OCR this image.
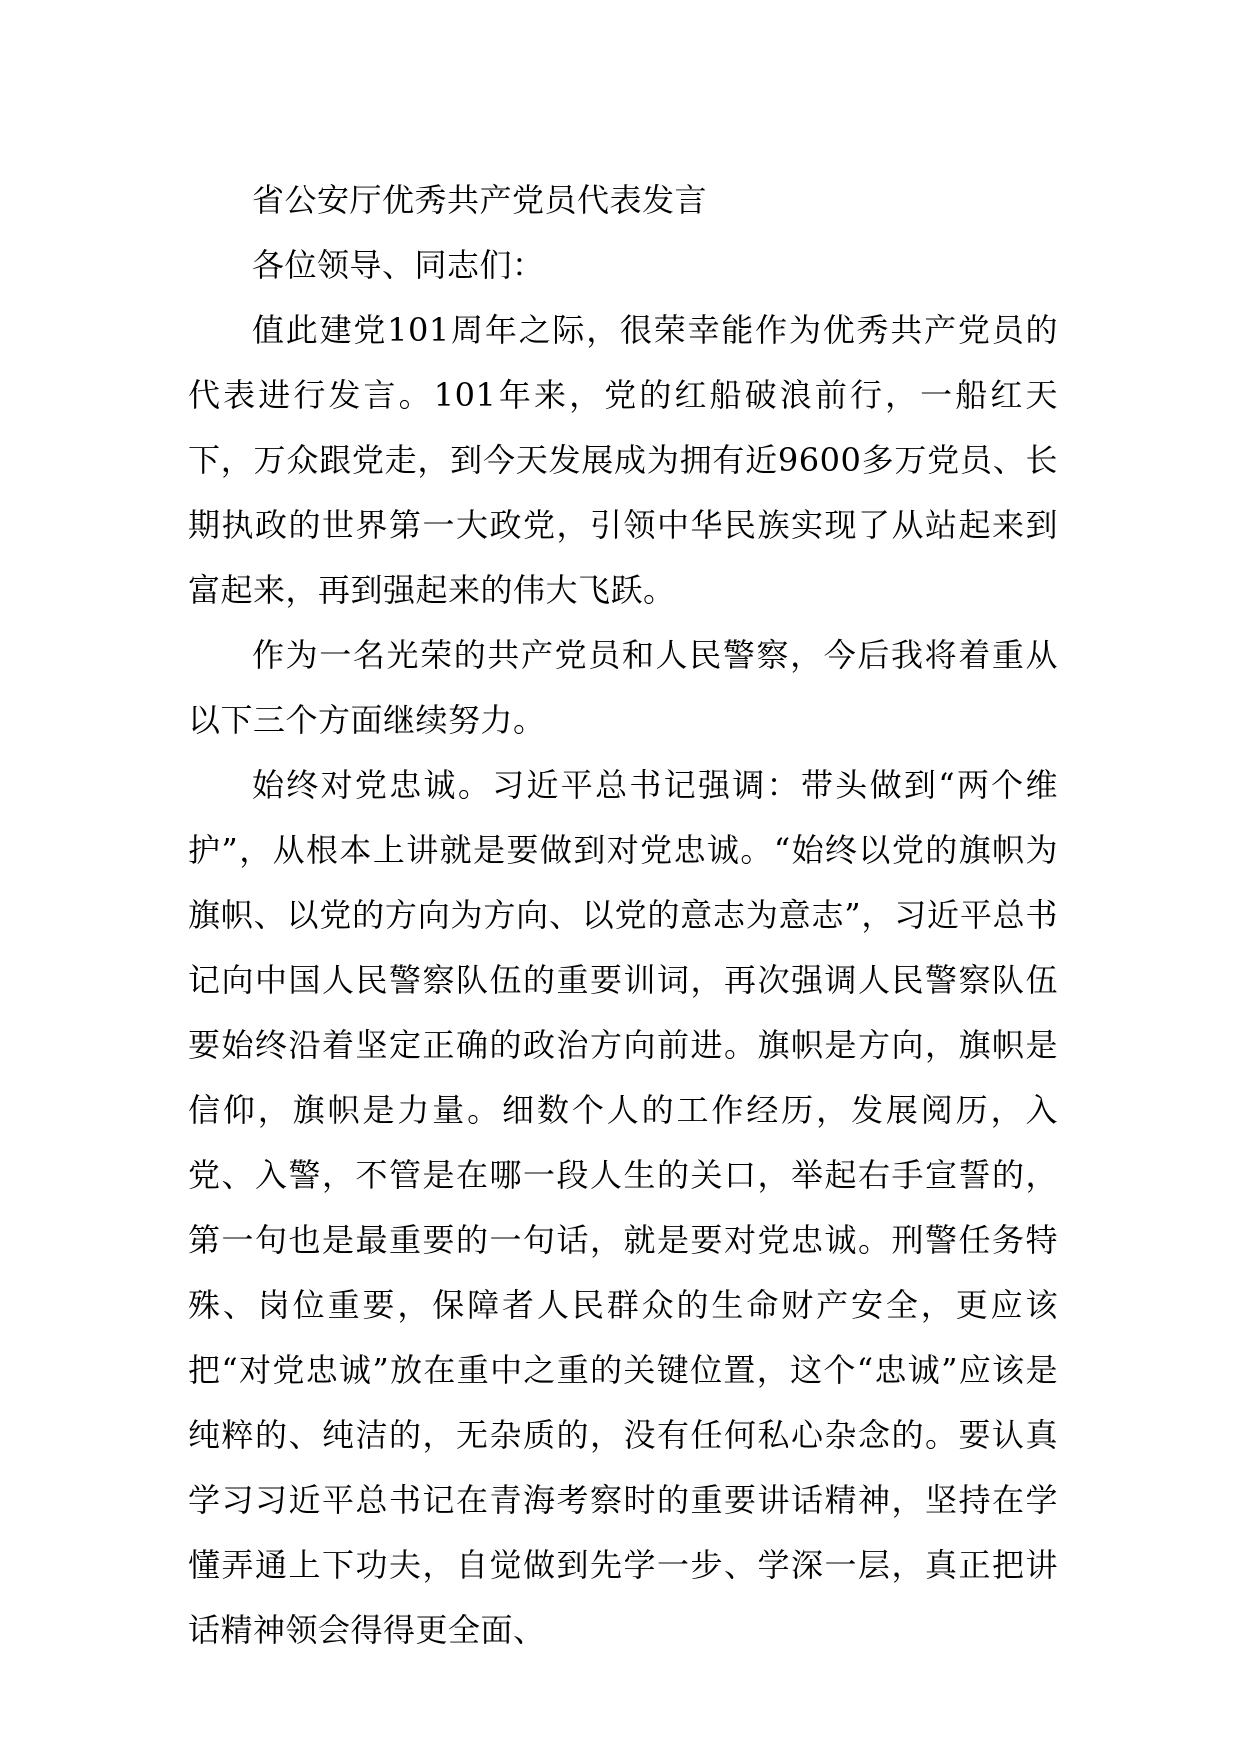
省公安厅优秀共产党员代表发言

各位领导、同志们：

值此建党101周年之际，很荣幸能作为优秀共产党员的代表进行发言。101年来，党的红船破浪前行，一船红天下，万众跟党走，到今天发展成为拥有近9600多万党员、长期执政的世界第一大政党，引领中华民族实现了从站起来到富起来，再到强起来的伟大飞跃。

作为一名光荣的共产党员和人民警察，今后我将着重从以下三个方面继续努力。

始终对党忠诚。习近平总书记强调：带头做到“两个维护”，从根本上讲就是要做到对党忠诚。“始终以党的旗帜为旗帜、以党的方向为方向、以党的意志为意志”，习近平总书记向中国人民警察队伍的重要训词，再次强调人民警察队伍要始终沿着坚定正确的政治方向前进。旗帜是方向，旗帜是信仰，旗帜是力量。细数个人的工作经历，发展阅历，入党、入警，不管是在哪一段人生的关口，举起右手宣誓的，第一句也是最重要的一句话，就是要对党忠诚。刑警任务特殊、岗位重要，保障者人民群众的生命财产安全，更应该把“对党忠诚”放在重中之重的关键位置，这个“忠诚”应该是纯粹的、纯洁的，无杂质的，没有任何私心杂念的。要认真学习习近平总书记在青海考察时的重要讲话精神，坚持在学懂弄通上下功夫，自觉做到先学一步、学深一层，真正把讲话精神领会得得更全面、
